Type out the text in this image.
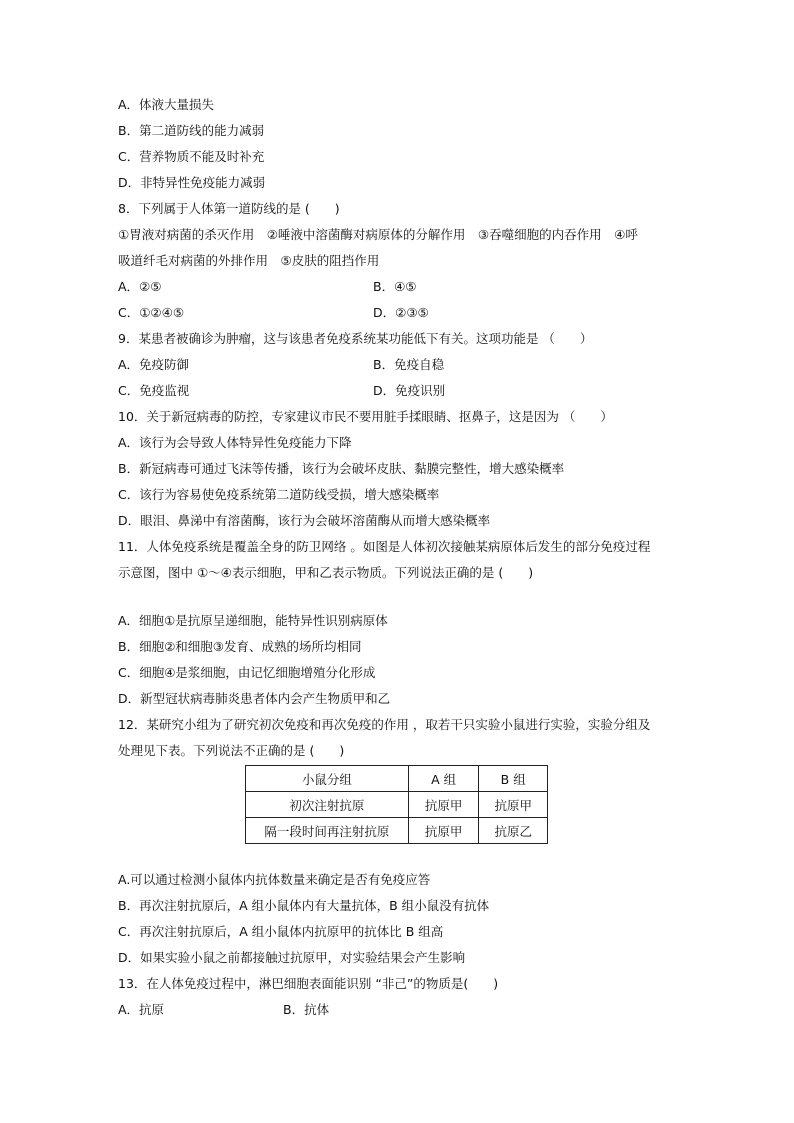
A．体液大量损失
B．第二道防线的能力减弱
C．营养物质不能及时补充
D．非特异性免疫能力减弱
8．下列属于人体第一道防线的是 (　　)
①胃液对病菌的杀灭作用　②唾液中溶菌酶对病原体的分解作用　③吞噬细胞的内吞作用　④呼
吸道纤毛对病菌的外排作用　⑤皮肤的阻挡作用
A．②⑤	B．④⑤
C．①②④⑤	D．②③⑤
9．某患者被确诊为肿瘤，这与该患者免疫系统某功能低下有关。这项功能是 （　　）
A．免疫防御	B．免疫自稳
C．免疫监视	D．免疫识别
10．关于新冠病毒的防控，专家建议市民不要用脏手揉眼睛、抠鼻子，这是因为 （　　）
A．该行为会导致人体特异性免疫能力下降
B．新冠病毒可通过飞沫等传播，该行为会破坏皮肤、黏膜完整性，增大感染概率
C．该行为容易使免疫系统第二道防线受损，增大感染概率
D．眼泪、鼻涕中有溶菌酶，该行为会破坏溶菌酶从而增大感染概率
11．人体免疫系统是覆盖全身的防卫网络 。如图是人体初次接触某病原体后发生的部分免疫过程
示意图，图中 ①～④表示细胞，甲和乙表示物质。下列说法正确的是 (　　)
A．细胞①是抗原呈递细胞，能特异性识别病原体
B．细胞②和细胞③发育、成熟的场所均相同
C．细胞④是浆细胞，由记忆细胞增殖分化形成
D．新型冠状病毒肺炎患者体内会产生物质甲和乙
12．某研究小组为了研究初次免疫和再次免疫的作用 ，取若干只实验小鼠进行实验，实验分组及
处理见下表。下列说法不正确的是 (　　)
小鼠分组	A 组	B 组
初次注射抗原	抗原甲	抗原甲
隔一段时间再注射抗原	抗原甲	抗原乙
A.可以通过检测小鼠体内抗体数量来确定是否有免疫应答
B．再次注射抗原后，A 组小鼠体内有大量抗体，B 组小鼠没有抗体
C．再次注射抗原后，A 组小鼠体内抗原甲的抗体比 B 组高
D．如果实验小鼠之前都接触过抗原甲，对实验结果会产生影响
13．在人体免疫过程中，淋巴细胞表面能识别 “非己”的物质是(　　)
A．抗原	B．抗体
